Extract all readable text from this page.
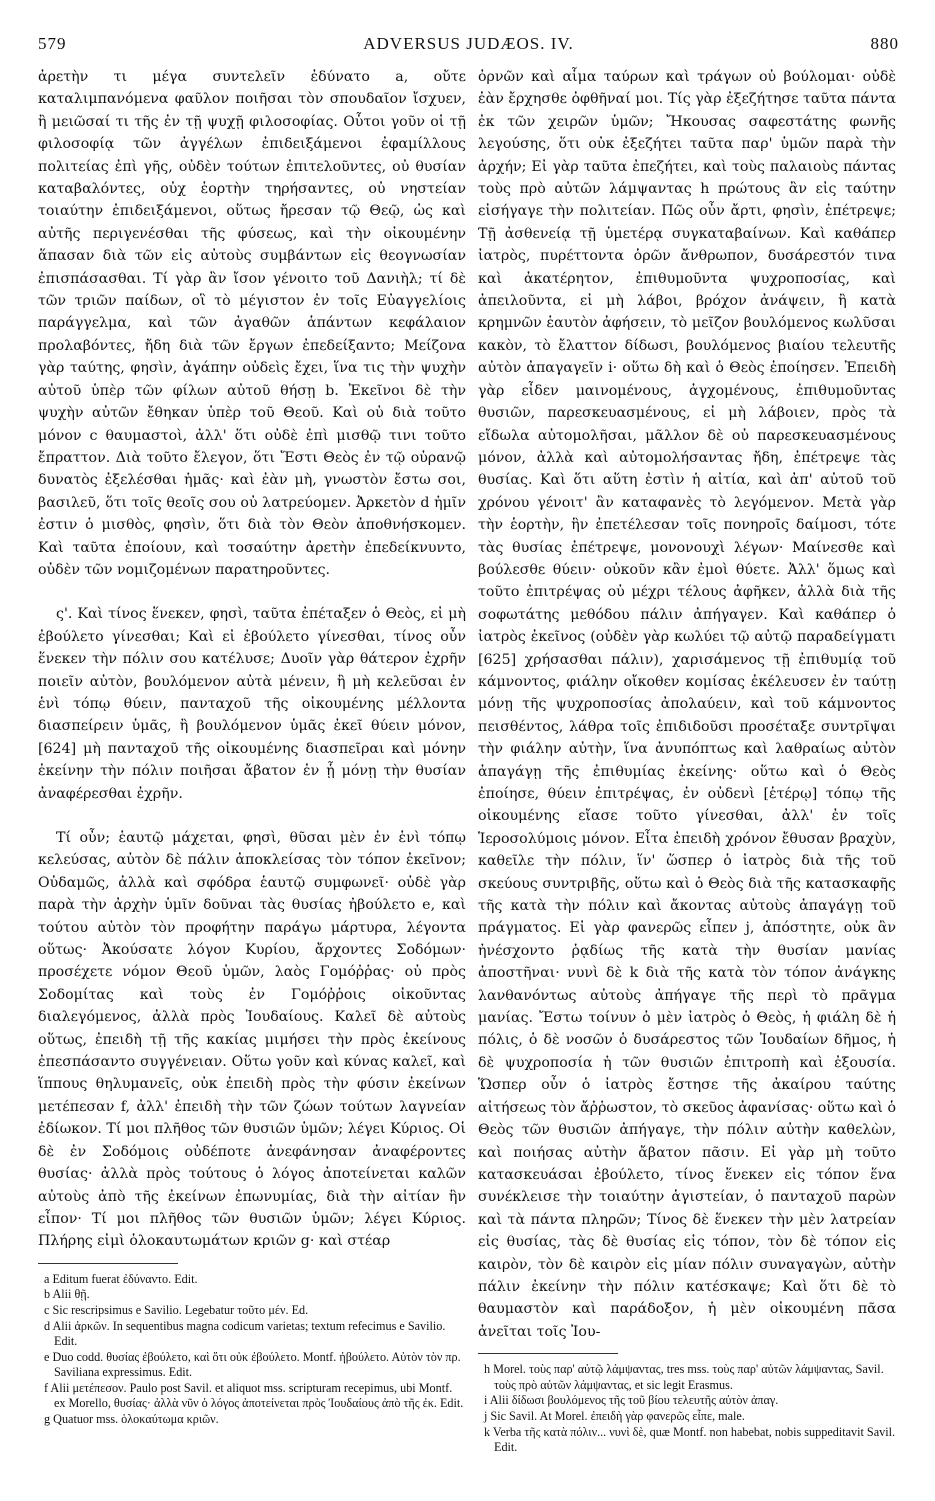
579	ADVERSUS JUDÆOS. IV.	880

ἀρετὴν τι μέγα συντελεῖν ἐδύνατο a, οὔτε καταλιμπανόμενα φαῦλον ποιῆσαι τὸν σπουδαῖον ἴσχυεν, ἢ μειῶσαί τι τῆς ἐν τῇ ψυχῇ φιλοσοφίας. Οὗτοι γοῦν οἱ τῇ φιλοσοφίᾳ τῶν ἀγγέλων ἐπιδειξάμενοι ἐφαμίλλους πολιτείας ἐπὶ γῆς, οὐδὲν τούτων ἐπιτελοῦντες, οὐ θυσίαν καταβαλόντες, οὐχ ἑορτὴν τηρήσαντες, οὐ νηστείαν τοιαύτην ἐπιδειξάμενοι, οὕτως ἤρεσαν τῷ Θεῷ, ὡς καὶ αὐτῆς περιγενέσθαι τῆς φύσεως, καὶ τὴν οἰκουμένην ἅπασαν διὰ τῶν εἰς αὐτοὺς συμβάντων εἰς θεογνωσίαν ἐπισπάσασθαι. Τί γὰρ ἂν ἴσον γένοιτο τοῦ Δανιὴλ; τί δὲ τῶν τριῶν παίδων, οἳ τὸ μέγιστον ἐν τοῖς Εὐαγγελίοις παράγγελμα, καὶ τῶν ἀγαθῶν ἁπάντων κεφάλαιον προλαβόντες, ἤδη διὰ τῶν ἔργων ἐπεδείξαντο; Μείζονα γὰρ ταύτης, φησὶν, ἀγάπην οὐδεὶς ἔχει, ἵνα τις τὴν ψυχὴν αὐτοῦ ὑπὲρ τῶν φίλων αὐτοῦ θήσῃ b. Ἐκεῖνοι δὲ τὴν ψυχὴν αὐτῶν ἔθηκαν ὑπὲρ τοῦ Θεοῦ. Καὶ οὐ διὰ τοῦτο μόνον c θαυμαστοὶ, ἀλλ' ὅτι οὐδὲ ἐπὶ μισθῷ τινι τοῦτο ἔπραττον. Διὰ τοῦτο ἔλεγον, ὅτι Ἔστι Θεὸς ἐν τῷ οὐρανῷ δυνατὸς ἐξελέσθαι ἡμᾶς· καὶ ἐὰν μὴ, γνωστὸν ἔστω σοι, βασιλεῦ, ὅτι τοῖς θεοῖς σου οὐ λατρεύομεν. Ἀρκετὸν d ἡμῖν ἐστιν ὁ μισθὸς, φησὶν, ὅτι διὰ τὸν Θεὸν ἀποθνήσκομεν. Καὶ ταῦτα ἐποίουν, καὶ τοσαύτην ἀρετὴν ἐπεδείκνυντο, οὐδὲν τῶν νομιζομένων παρατηροῦντες.

ς'. Καὶ τίνος ἕνεκεν, φησὶ, ταῦτα ἐπέταξεν ὁ Θεὸς, εἰ μὴ ἐβούλετο γίνεσθαι; Καὶ εἰ ἐβούλετο γίνεσθαι, τίνος οὖν ἕνεκεν τὴν πόλιν σου κατέλυσε; Δυοῖν γὰρ θάτερον ἐχρῆν ποιεῖν αὐτὸν, βουλόμενον αὐτὰ μένειν, ἢ μὴ κελεῦσαι ἐν ἑνὶ τόπῳ θύειν, πανταχοῦ τῆς οἰκουμένης μέλλοντα διασπείρειν ὑμᾶς, ἢ βουλόμενον ὑμᾶς ἐκεῖ θύειν μόνον, [624] μὴ πανταχοῦ τῆς οἰκουμένης διασπεῖραι καὶ μόνην ἐκείνην τὴν πόλιν ποιῆσαι ἄβατον ἐν ᾗ μόνῃ τὴν θυσίαν ἀναφέρεσθαι ἐχρῆν.

Τί οὖν; ἑαυτῷ μάχεται, φησὶ, θῦσαι μὲν ἐν ἑνὶ τόπῳ κελεύσας, αὐτὸν δὲ πάλιν ἀποκλείσας τὸν τόπον ἐκεῖνον; Οὐδαμῶς, ἀλλὰ καὶ σφόδρα ἑαυτῷ συμφωνεῖ· οὐδὲ γὰρ παρὰ τὴν ἀρχὴν ὑμῖν δοῦναι τὰς θυσίας ἠβούλετο e, καὶ τούτου αὐτὸν τὸν προφήτην παράγω μάρτυρα, λέγοντα οὕτως· Ἀκούσατε λόγον Κυρίου, ἄρχοντες Σοδόμων· προσέχετε νόμον Θεοῦ ὑμῶν, λαὸς Γομόῤῥας· οὐ πρὸς Σοδομίτας καὶ τοὺς ἐν Γομόῤῥοις οἰκοῦντας διαλεγόμενος, ἀλλὰ πρὸς Ἰουδαίους. Καλεῖ δὲ αὐτοὺς οὕτως, ἐπειδὴ τῇ τῆς κακίας μιμήσει τὴν πρὸς ἐκείνους ἐπεσπάσαντο συγγένειαν. Οὕτω γοῦν καὶ κύνας καλεῖ, καὶ ἵππους θηλυμανεῖς, οὐκ ἐπειδὴ πρὸς τὴν φύσιν ἐκείνων μετέπεσαν f, ἀλλ' ἐπειδὴ τὴν τῶν ζώων τούτων λαγνείαν ἐδίωκον. Τί μοι πλῆθος τῶν θυσιῶν ὑμῶν; λέγει Κύριος. Οἱ δὲ ἐν Σοδόμοις οὐδέποτε ἀνεφάνησαν ἀναφέροντες θυσίας· ἀλλὰ πρὸς τούτους ὁ λόγος ἀποτείνεται καλῶν αὐτοὺς ἀπὸ τῆς ἐκείνων ἐπωνυμίας, διὰ τὴν αἰτίαν ἣν εἶπον· Τί μοι πλῆθος τῶν θυσιῶν ὑμῶν; λέγει Κύριος. Πλήρης εἰμὶ ὁλοκαυτωμάτων κριῶν g· καὶ στέαρ

a Editum fuerat ἐδύναντο. Edit.
b Alii θῇ.
c Sic rescripsimus e Savilio. Legebatur τοῦτο μέν. Ed.
d Alii ἀρκῶν. In sequentibus magna codicum varietas; textum refecimus e Savilio. Edit.
e Duo codd. θυσίας ἐβούλετο, καὶ ὅτι οὐκ ἐβούλετο. Montf. ἠβούλετο. Αὐτὸν τὸν πρ. Saviliana expressimus. Edit.
f Alii μετέπεσον. Paulo post Savil. et aliquot mss. scripturam recepimus, ubi Montf. ex Morello, θυσίας· ἀλλὰ νῦν ὁ λόγος ἀποτείνεται πρὸς Ἰουδαίους ἀπὸ τῆς ἐκ. Edit.
g Quatuor mss. ὁλοκαύτωμα κριῶν.

ὀρνῶν καὶ αἷμα ταύρων καὶ τράγων οὐ βούλομαι· οὐδὲ ἐὰν ἔρχησθε ὀφθῆναί μοι. Τίς γὰρ ἐξεζήτησε ταῦτα πάντα ἐκ τῶν χειρῶν ὑμῶν; Ἤκουσας σαφεστάτης φωνῆς λεγούσης, ὅτι οὐκ ἐξεζήτει ταῦτα παρ' ὑμῶν παρὰ τὴν ἀρχήν; Εἰ γὰρ ταῦτα ἐπεζήτει, καὶ τοὺς παλαιοὺς πάντας τοὺς πρὸ αὐτῶν λάμψαντας h πρώτους ἂν εἰς ταύτην εἰσήγαγε τὴν πολιτείαν. Πῶς οὖν ἄρτι, φησὶν, ἐπέτρεψε; Τῇ ἀσθενείᾳ τῇ ὑμετέρᾳ συγκαταβαίνων. Καὶ καθάπερ ἰατρὸς, πυρέττοντα ὁρῶν ἄνθρωπον, δυσάρεστόν τινα καὶ ἀκατέρητον, ἐπιθυμοῦντα ψυχροποσίας, καὶ ἀπειλοῦντα, εἰ μὴ λάβοι, βρόχον ἀνάψειν, ἢ κατὰ κρημνῶν ἑαυτὸν ἀφήσειν, τὸ μεῖζον βουλόμενος κωλῦσαι κακὸν, τὸ ἔλαττον δίδωσι, βουλόμενος βιαίου τελευτῆς αὐτὸν ἀπαγαγεῖν i· οὕτω δὴ καὶ ὁ Θεὸς ἐποίησεν. Ἐπειδὴ γὰρ εἶδεν μαινομένους, ἀγχομένους, ἐπιθυμοῦντας θυσιῶν, παρεσκευασμένους, εἰ μὴ λάβοιεν, πρὸς τὰ εἴδωλα αὐτομολῆσαι, μᾶλλον δὲ οὐ παρεσκευασμένους μόνον, ἀλλὰ καὶ αὐτομολήσαντας ἤδη, ἐπέτρεψε τὰς θυσίας. Καὶ ὅτι αὕτη ἐστὶν ἡ αἰτία, καὶ ἀπ' αὐτοῦ τοῦ χρόνου γένοιτ' ἂν καταφανὲς τὸ λεγόμενον. Μετὰ γὰρ τὴν ἑορτὴν, ἣν ἐπετέλεσαν τοῖς πονηροῖς δαίμοσι, τότε τὰς θυσίας ἐπέτρεψε, μονονουχὶ λέγων· Μαίνεσθε καὶ βούλεσθε θύειν· οὐκοῦν κἂν ἐμοὶ θύετε. Ἀλλ' ὅμως καὶ τοῦτο ἐπιτρέψας οὐ μέχρι τέλους ἀφῆκεν, ἀλλὰ διὰ τῆς σοφωτάτης μεθόδου πάλιν ἀπήγαγεν. Καὶ καθάπερ ὁ ἰατρὸς ἐκεῖνος (οὐδὲν γὰρ κωλύει τῷ αὐτῷ παραδείγματι [625] χρήσασθαι πάλιν), χαρισάμενος τῇ ἐπιθυμίᾳ τοῦ κάμνοντος, φιάλην οἴκοθεν κομίσας ἐκέλευσεν ἐν ταύτῃ μόνῃ τῆς ψυχροποσίας ἀπολαύειν, καὶ τοῦ κάμνοντος πεισθέντος, λάθρα τοῖς ἐπιδιδοῦσι προσέταξε συντρῖψαι τὴν φιάλην αὐτὴν, ἵνα ἀνυπόπτως καὶ λαθραίως αὐτὸν ἀπαγάγῃ τῆς ἐπιθυμίας ἐκείνης· οὕτω καὶ ὁ Θεὸς ἐποίησε, θύειν ἐπιτρέψας, ἐν οὐδενὶ [ἑτέρῳ] τόπῳ τῆς οἰκουμένης εἴασε τοῦτο γίνεσθαι, ἀλλ' ἐν τοῖς Ἱεροσολύμοις μόνον. Εἶτα ἐπειδὴ χρόνον ἔθυσαν βραχὺν, καθεῖλε τὴν πόλιν, ἵν' ὥσπερ ὁ ἰατρὸς διὰ τῆς τοῦ σκεύους συντριβῆς, οὕτω καὶ ὁ Θεὸς διὰ τῆς κατασκαφῆς τῆς κατὰ τὴν πόλιν καὶ ἄκοντας αὐτοὺς ἀπαγάγῃ τοῦ πράγματος. Εἰ γὰρ φανερῶς εἶπεν j, ἀπόστητε, οὐκ ἂν ἠνέσχοντο ῥᾳδίως τῆς κατὰ τὴν θυσίαν μανίας ἀποστῆναι· νυνὶ δὲ k διὰ τῆς κατὰ τὸν τόπον ἀνάγκης λανθανόντως αὐτοὺς ἀπήγαγε τῆς περὶ τὸ πρᾶγμα μανίας. Ἔστω τοίνυν ὁ μὲν ἰατρὸς ὁ Θεὸς, ἡ φιάλη δὲ ἡ πόλις, ὁ δὲ νοσῶν ὁ δυσάρεστος τῶν Ἰουδαίων δῆμος, ἡ δὲ ψυχροποσία ἡ τῶν θυσιῶν ἐπιτροπὴ καὶ ἐξουσία. Ὥσπερ οὖν ὁ ἰατρὸς ἔστησε τῆς ἀκαίρου ταύτης αἰτήσεως τὸν ἄῤῥωστον, τὸ σκεῦος ἀφανίσας· οὕτω καὶ ὁ Θεὸς τῶν θυσιῶν ἀπήγαγε, τὴν πόλιν αὐτὴν καθελὼν, καὶ ποιήσας αὐτὴν ἄβατον πᾶσιν. Εἰ γὰρ μὴ τοῦτο κατασκευάσαι ἐβούλετο, τίνος ἕνεκεν εἰς τόπον ἕνα συνέκλεισε τὴν τοιαύτην ἁγιστείαν, ὁ πανταχοῦ παρὼν καὶ τὰ πάντα πληρῶν; Τίνος δὲ ἕνεκεν τὴν μὲν λατρείαν εἰς θυσίας, τὰς δὲ θυσίας εἰς τόπον, τὸν δὲ τόπον εἰς καιρὸν, τὸν δὲ καιρὸν εἰς μίαν πόλιν συναγαγὼν, αὐτὴν πάλιν ἐκείνην τὴν πόλιν κατέσκαψε; Καὶ ὅτι δὲ τὸ θαυμαστὸν καὶ παράδοξον, ἡ μὲν οἰκουμένη πᾶσα ἀνεῖται τοῖς Ἰου-

h Morel. τοὺς παρ' αὐτῷ λάμψαντας, tres mss. τοὺς παρ' αὐτῶν λάμψαντας, Savil. τοὺς πρὸ αὐτῶν λάμψαντας, et sic legit Erasmus.
i Alii δίδωσι βουλόμενος τῆς τοῦ βίου τελευτῆς αὐτὸν ἀπαγ.
j Sic Savil. At Morel. ἐπειδὴ γὰρ φανερῶς εἶπε, male.
k Verba τῆς κατὰ πόλιν... νυνὶ δὲ, quæ Montf. non habebat, nobis suppeditavit Savil. Edit.
